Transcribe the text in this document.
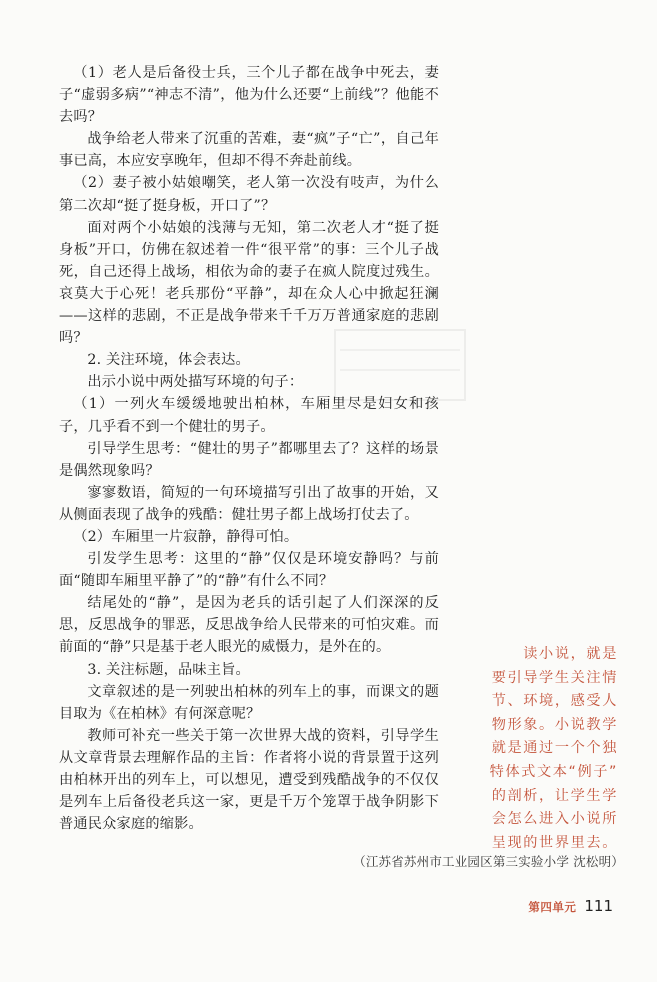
（1）老人是后备役士兵，三个儿子都在战争中死去，妻子“虚弱多病”“神志不清”，他为什么还要“上前线”？他能不去吗？

战争给老人带来了沉重的苦难，妻“疯”子“亡”，自己年事已高，本应安享晚年，但却不得不奔赴前线。

（2）妻子被小姑娘嘲笑，老人第一次没有吱声，为什么第二次却“挺了挺身板，开口了”？

面对两个小姑娘的浅薄与无知，第二次老人才“挺了挺身板”开口，仿佛在叙述着一件“很平常”的事：三个儿子战死，自己还得上战场，相依为命的妻子在疯人院度过残生。哀莫大于心死！老兵那份“平静”，却在众人心中掀起狂澜——这样的悲剧，不正是战争带来千千万万普通家庭的悲剧吗？

2. 关注环境，体会表达。

出示小说中两处描写环境的句子：

（1）一列火车缓缓地驶出柏林，车厢里尽是妇女和孩子，几乎看不到一个健壮的男子。

引导学生思考：“健壮的男子”都哪里去了？这样的场景是偶然现象吗？

寥寥数语，简短的一句环境描写引出了故事的开始，又从侧面表现了战争的残酷：健壮男子都上战场打仗去了。

（2）车厢里一片寂静，静得可怕。

引发学生思考：这里的“静”仅仅是环境安静吗？与前面“随即车厢里平静了”的“静”有什么不同？

结尾处的“静”，是因为老兵的话引起了人们深深的反思，反思战争的罪恶，反思战争给人民带来的可怕灾难。而前面的“静”只是基于老人眼光的威慑力，是外在的。

3. 关注标题，品味主旨。

文章叙述的是一列驶出柏林的列车上的事，而课文的题目取为《在柏林》有何深意呢？

教师可补充一些关于第一次世界大战的资料，引导学生从文章背景去理解作品的主旨：作者将小说的背景置于这列由柏林开出的列车上，可以想见，遭受到残酷战争的不仅仅是列车上后备役老兵这一家，更是千万个笼罩于战争阴影下普通民众家庭的缩影。

读小说，就是
要引导学生关注情
节、环境，感受人
物形象。小说教学
就是通过一个个独
特体式文本“例子”
的剖析，让学生学
会怎么进入小说所
呈现的世界里去。
（江苏省苏州市工业园区第三实验小学 沈松明）
第四单元 111
